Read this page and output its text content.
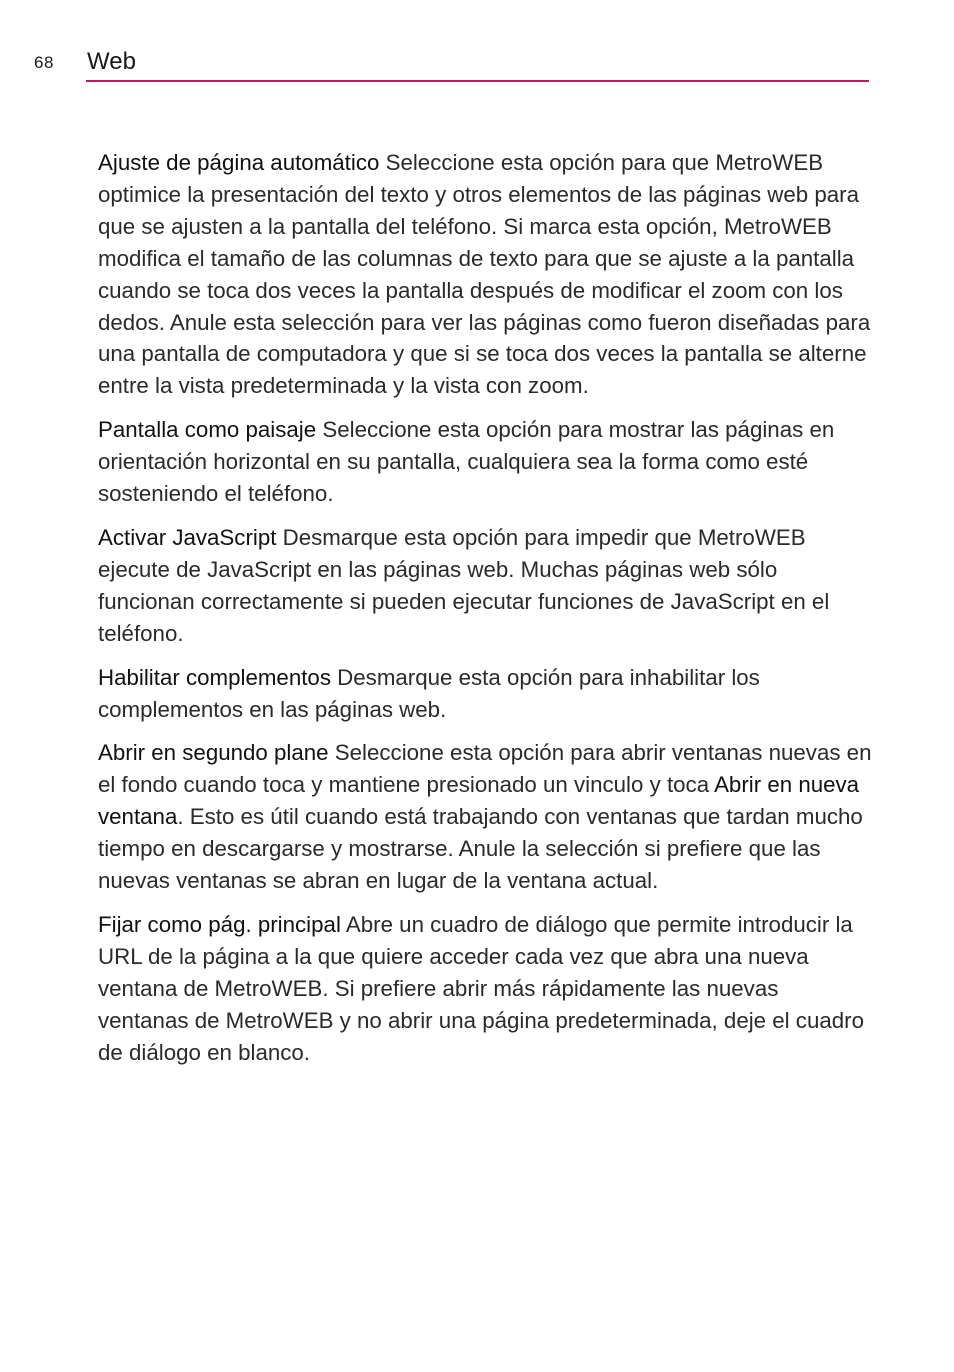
68 Web

Ajuste de página automático Seleccione esta opción para que MetroWEB optimice la presentación del texto y otros elementos de las páginas web para que se ajusten a la pantalla del teléfono. Si marca esta opción, MetroWEB modifica el tamaño de las columnas de texto para que se ajuste a la pantalla cuando se toca dos veces la pantalla después de modificar el zoom con los dedos. Anule esta selección para ver las páginas como fueron diseñadas para una pantalla de computadora y que si se toca dos veces la pantalla se alterne entre la vista predeterminada y la vista con zoom.

Pantalla como paisaje Seleccione esta opción para mostrar las páginas en orientación horizontal en su pantalla, cualquiera sea la forma como esté sosteniendo el teléfono.

Activar JavaScript Desmarque esta opción para impedir que MetroWEB ejecute de JavaScript en las páginas web. Muchas páginas web sólo funcionan correctamente si pueden ejecutar funciones de JavaScript en el teléfono.

Habilitar complementos Desmarque esta opción para inhabilitar los complementos en las páginas web.

Abrir en segundo plane Seleccione esta opción para abrir ventanas nuevas en el fondo cuando toca y mantiene presionado un vinculo y toca Abrir en nueva ventana. Esto es útil cuando está trabajando con ventanas que tardan mucho tiempo en descargarse y mostrarse. Anule la selección si prefiere que las nuevas ventanas se abran en lugar de la ventana actual.

Fijar como pág. principal Abre un cuadro de diálogo que permite introducir la URL de la página a la que quiere acceder cada vez que abra una nueva ventana de MetroWEB. Si prefiere abrir más rápidamente las nuevas ventanas de MetroWEB y no abrir una página predeterminada, deje el cuadro de diálogo en blanco.
